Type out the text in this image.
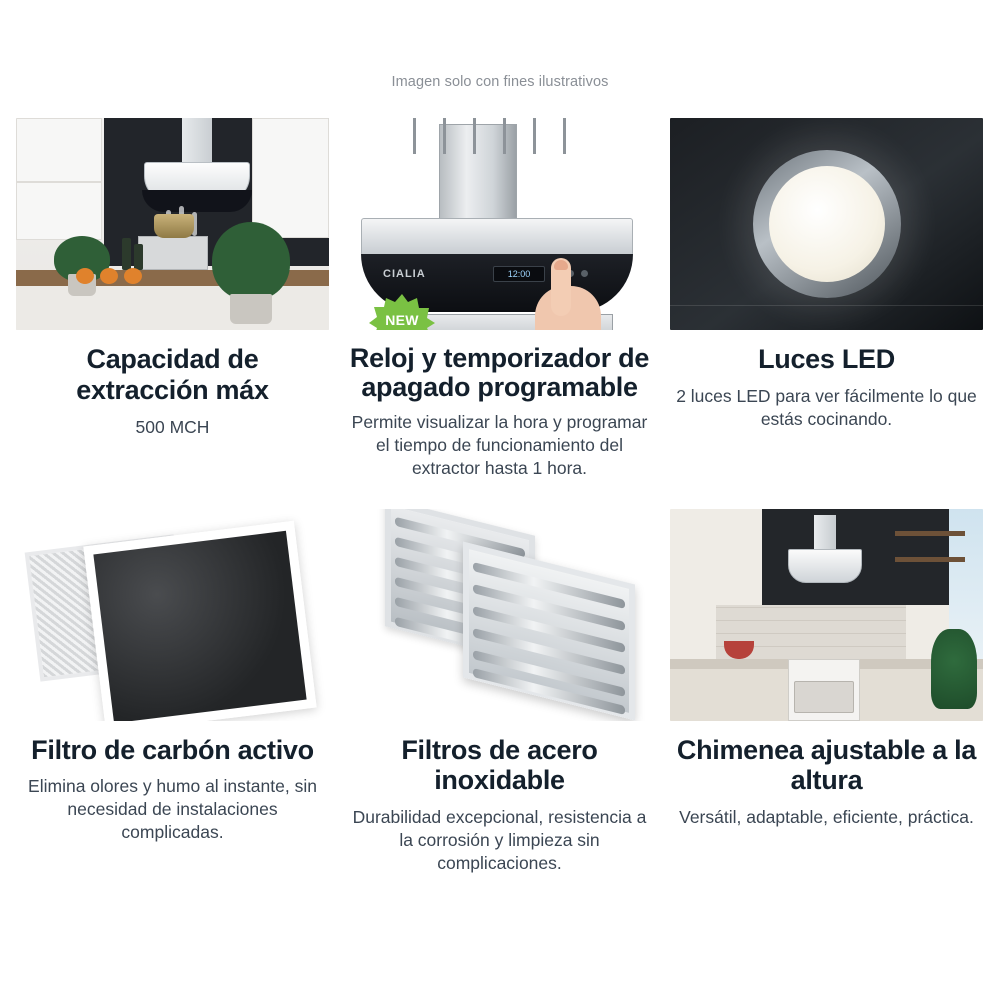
Imagen solo con fines ilustrativos
Capacidad de extracción máx
500 MCH
CIALIA	12:00
NEW
Reloj y temporizador de apagado programable
Permite visualizar la hora y programar el tiempo de funcionamiento del extractor hasta 1 hora.
Luces LED
2 luces LED para ver fácilmente lo que estás cocinando.
Filtro de carbón activo
Elimina olores y humo al instante, sin necesidad de instalaciones complicadas.
Filtros de acero inoxidable
Durabilidad excepcional, resistencia a la corrosión y limpieza sin complicaciones.
Chimenea ajustable a la altura
Versátil, adaptable, eficiente, práctica.
